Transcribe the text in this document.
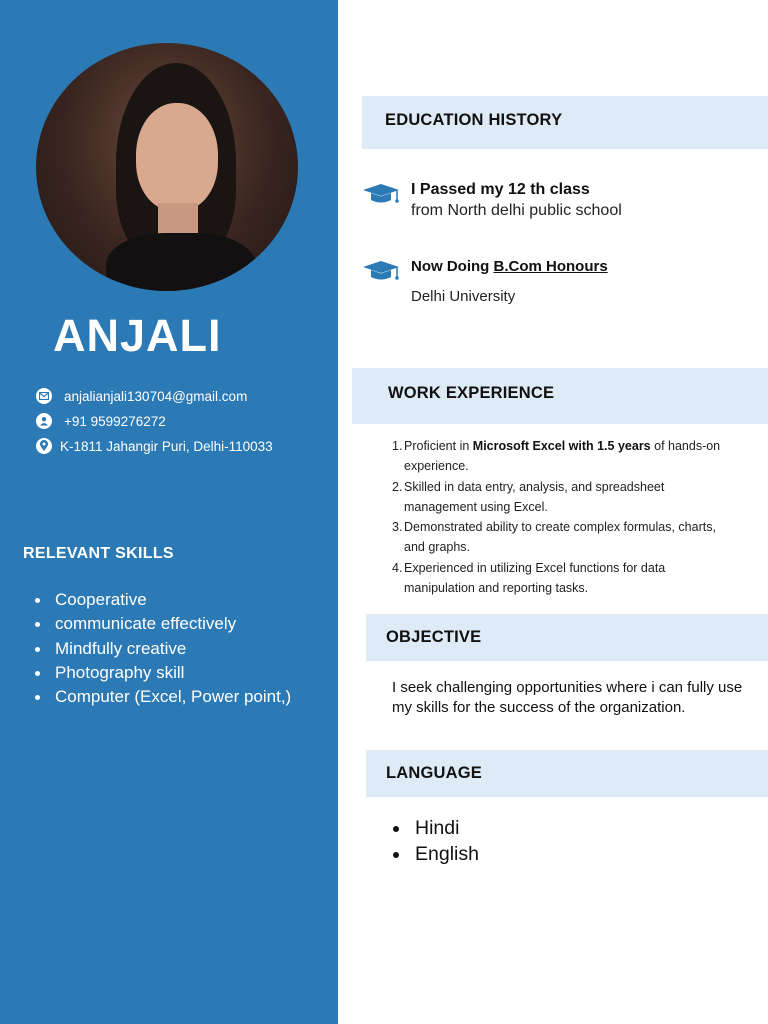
ANJALI
anjalianjali130704@gmail.com
+91 9599276272
K-1811 Jahangir Puri, Delhi-110033
RELEVANT SKILLS
Cooperative
communicate effectively
Mindfully creative
Photography skill
Computer (Excel, Power point,)
EDUCATION HISTORY
I Passed my 12 th class
from North delhi public school
Now Doing B.Com Honours
Delhi University
WORK EXPERIENCE
1. Proficient in Microsoft Excel with 1.5 years of hands-on experience.
2. Skilled in data entry, analysis, and spreadsheet management using Excel.
3. Demonstrated ability to create complex formulas, charts, and graphs.
4. Experienced in utilizing Excel functions for data manipulation and reporting tasks.
OBJECTIVE
I seek challenging opportunities where i can fully use my skills for the success of the organization.
LANGUAGE
Hindi
English
